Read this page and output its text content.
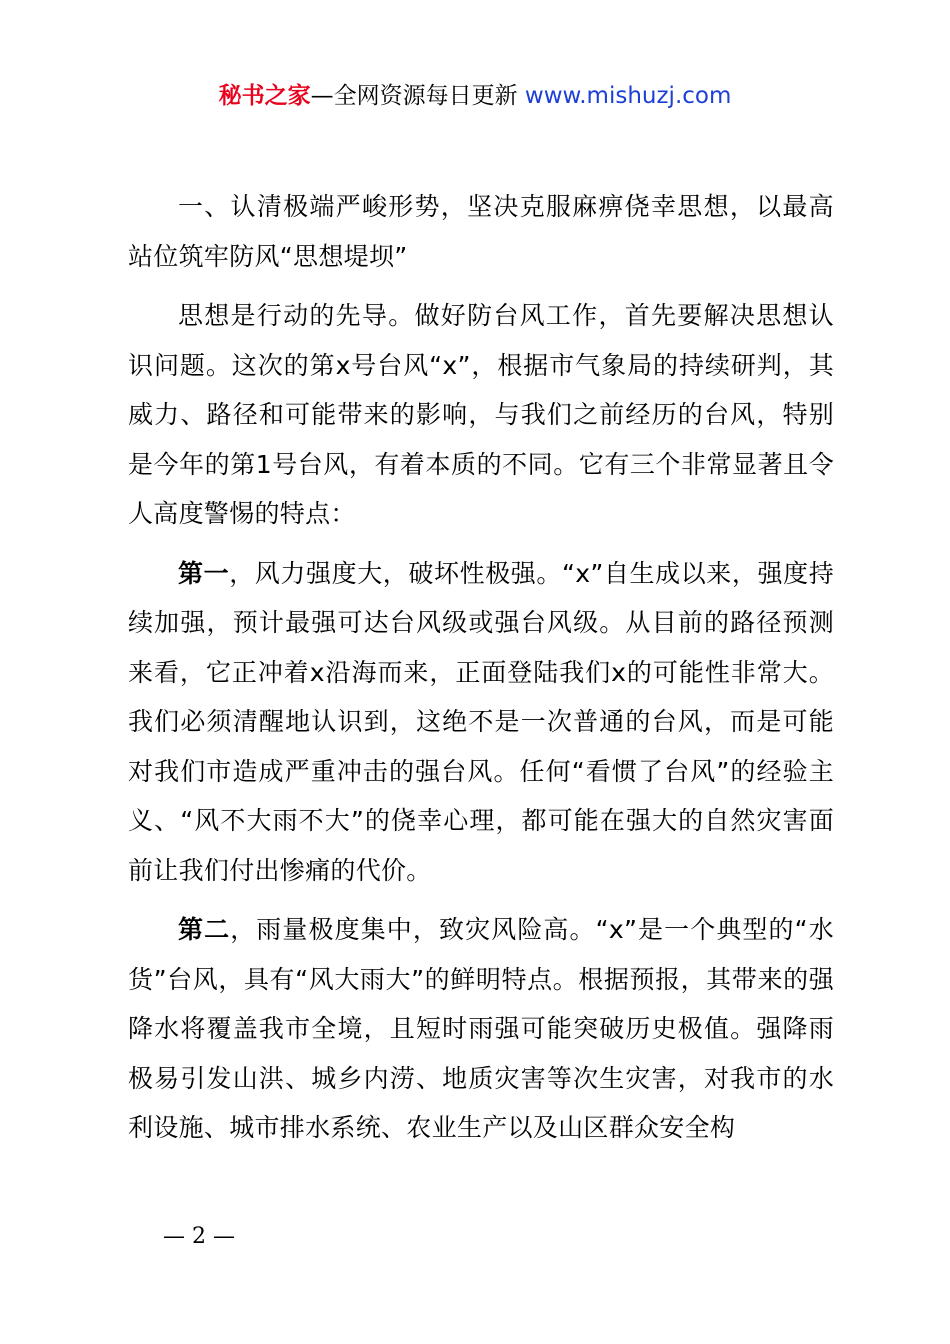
秘书之家—全网资源每日更新 www.mishuzj.com

一、认清极端严峻形势，坚决克服麻痹侥幸思想，以最高站位筑牢防风“思想堤坝”

思想是行动的先导。做好防台风工作，首先要解决思想认识问题。这次的第x号台风“x”，根据市气象局的持续研判，其威力、路径和可能带来的影响，与我们之前经历的台风，特别是今年的第1号台风，有着本质的不同。它有三个非常显著且令人高度警惕的特点：

第一，风力强度大，破坏性极强。“x”自生成以来，强度持续加强，预计最强可达台风级或强台风级。从目前的路径预测来看，它正冲着x沿海而来，正面登陆我们x的可能性非常大。我们必须清醒地认识到，这绝不是一次普通的台风，而是可能对我们市造成严重冲击的强台风。任何“看惯了台风”的经验主义、“风不大雨不大”的侥幸心理，都可能在强大的自然灾害面前让我们付出惨痛的代价。

第二，雨量极度集中，致灾风险高。“x”是一个典型的“水货”台风，具有“风大雨大”的鲜明特点。根据预报，其带来的强降水将覆盖我市全境，且短时雨强可能突破历史极值。强降雨极易引发山洪、城乡内涝、地质灾害等次生灾害，对我市的水利设施、城市排水系统、农业生产以及山区群众安全构

— 2 —
